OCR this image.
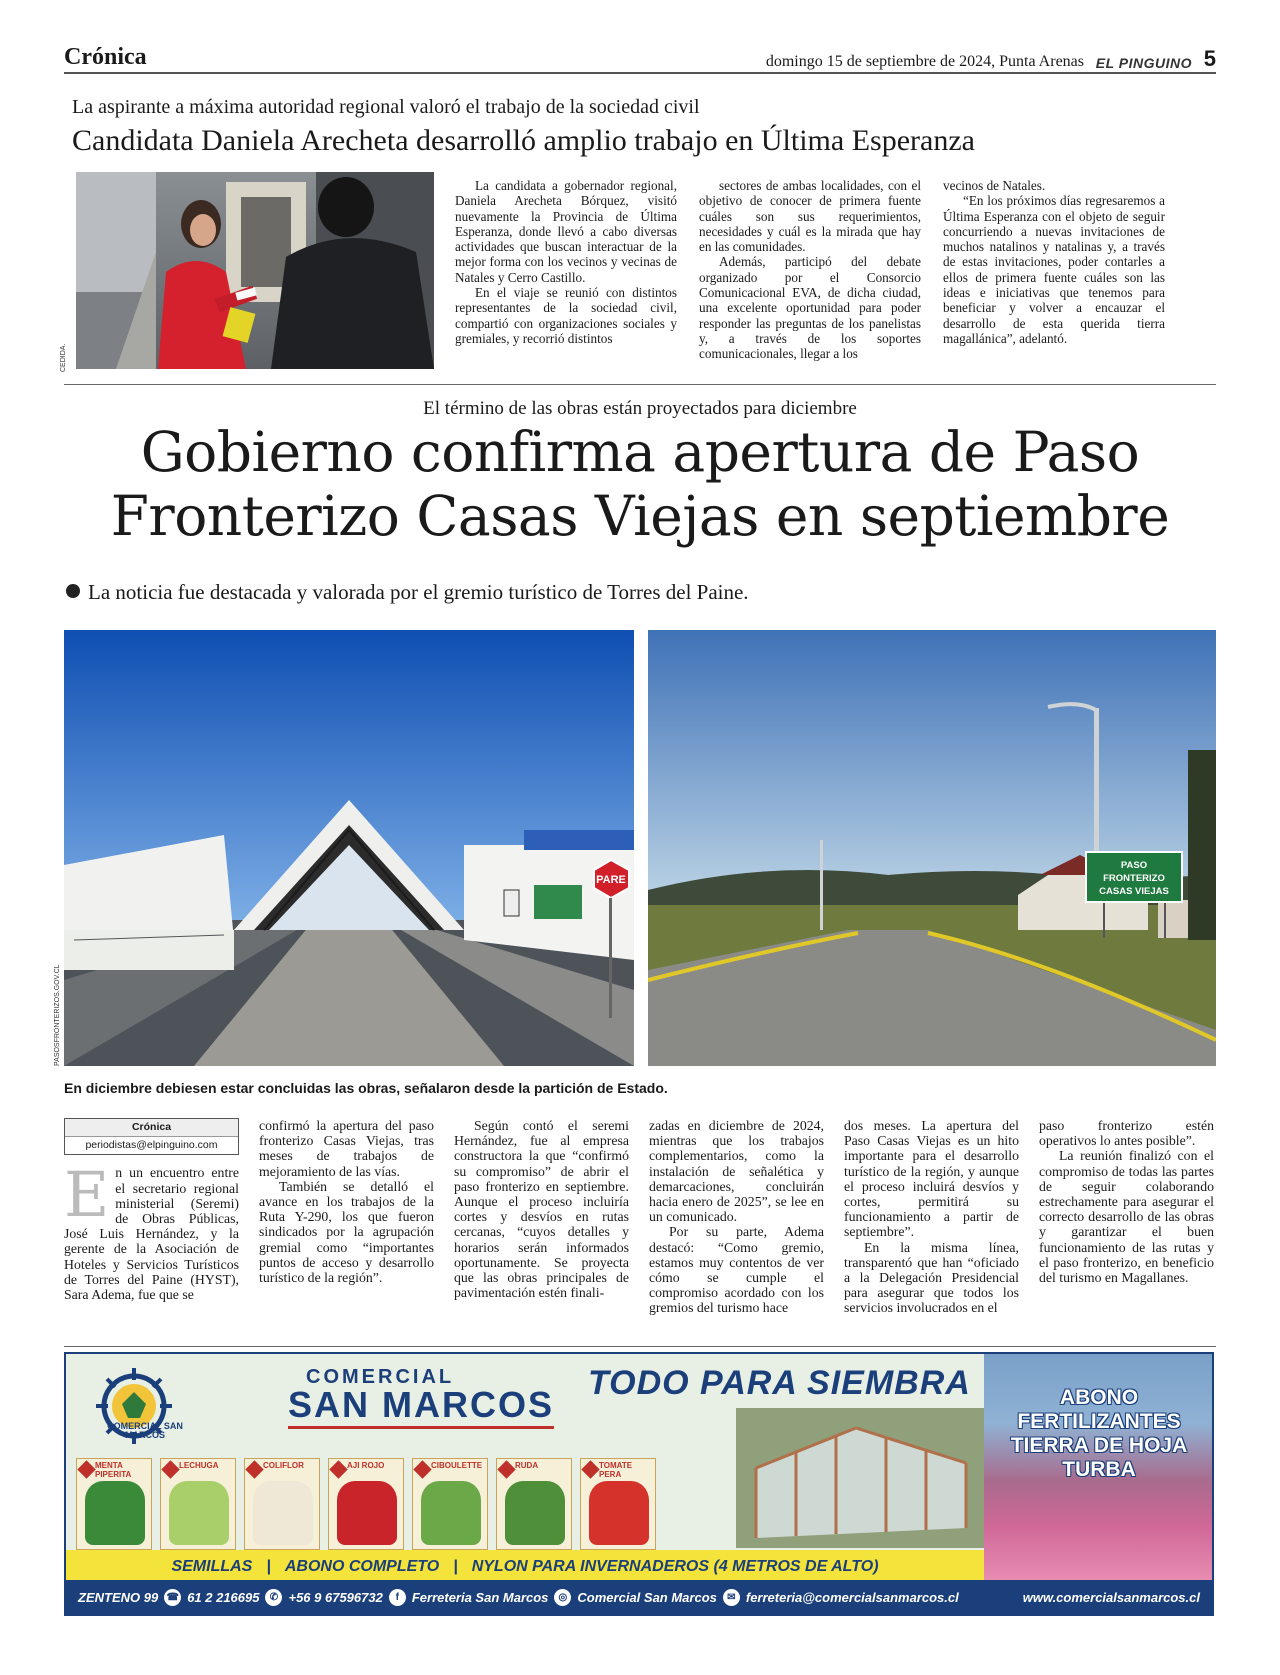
Crónica	domingo 15 de septiembre de 2024, Punta Arenas EL PINGUINO 5
La aspirante a máxima autoridad regional valoró el trabajo de la sociedad civil
Candidata Daniela Arecheta desarrolló amplio trabajo en Última Esperanza
CEDIDA.

La candidata a gobernador regional, Daniela Arecheta Bórquez, visitó nuevamente la Provincia de Última Esperanza, donde llevó a cabo diversas actividades que buscan interactuar de la mejor forma con los vecinos y vecinas de Natales y Cerro Castillo.

En el viaje se reunió con distintos representantes de la sociedad civil, compartió con organizaciones sociales y gremiales, y recorrió distintos

sectores de ambas localidades, con el objetivo de conocer de primera fuente cuáles son sus requerimientos, necesidades y cuál es la mirada que hay en las comunidades.

Además, participó del debate organizado por el Consorcio Comunicacional EVA, de dicha ciudad, una excelente oportunidad para poder responder las preguntas de los panelistas y, a través de los soportes comunicacionales, llegar a los

vecinos de Natales.

“En los próximos días regresaremos a Última Esperanza con el objeto de seguir concurriendo a nuevas invitaciones de muchos natalinos y natalinas y, a través de estas invitaciones, poder contarles a ellos de primera fuente cuáles son las ideas e iniciativas que tenemos para beneficiar y volver a encauzar el desarrollo de esta querida tierra magallánica”, adelantó.

El término de las obras están proyectados para diciembre
Gobierno confirma apertura de Paso
Fronterizo Casas Viejas en septiembre
La noticia fue destacada y valorada por el gremio turístico de Torres del Paine.
PARE
PASOSFRONTERIZOS.GOV.CL
PASO
FRONTERIZO
CASAS VIEJAS
En diciembre debiesen estar concluidas las obras, señalaron desde la partición de Estado.
Crónica
periodistas@elpinguino.com
E n un encuentro entre el secretario regional ministerial (Seremi) de Obras Públicas, José Luis Hernández, y la gerente de la Asociación de Hoteles y Servicios Turísticos de Torres del Paine (HYST), Sara Adema, fue que se

confirmó la apertura del paso fronterizo Casas Viejas, tras meses de trabajos de mejoramiento de las vías.

También se detalló el avance en los trabajos de la Ruta Y-290, los que fueron sindicados por la agrupación gremial como “importantes puntos de acceso y desarrollo turístico de la región”.

Según contó el seremi Hernández, fue al empresa constructora la que “confirmó su compromiso” de abrir el paso fronterizo en septiembre. Aunque el proceso incluiría cortes y desvíos en rutas cercanas, “cuyos detalles y horarios serán informados oportunamente. Se proyecta que las obras principales de pavimentación estén finali-

zadas en diciembre de 2024, mientras que los trabajos complementarios, como la instalación de señalética y demarcaciones, concluirán hacia enero de 2025”, se lee en un comunicado.

Por su parte, Adema destacó: “Como gremio, estamos muy contentos de ver cómo se cumple el compromiso acordado con los gremios del turismo hace

dos meses. La apertura del Paso Casas Viejas es un hito importante para el desarrollo turístico de la región, y aunque el proceso incluirá desvíos y cortes, permitirá su funcionamiento a partir de septiembre”.

En la misma línea, transparentó que han “oficiado a la Delegación Presidencial para asegurar que todos los servicios involucrados en el

paso fronterizo estén operativos lo antes posible”.

La reunión finalizó con el compromiso de todas las partes de seguir colaborando estrechamente para asegurar el correcto desarrollo de las obras y garantizar el buen funcionamiento de las rutas y el paso fronterizo, en beneficio del turismo en Magallanes.

COMERCIAL SAN MARCOS
COMERCIAL
SAN MARCOS
TODO PARA SIEMBRA
MENTA PIPERITA
LECHUGA	COLIFLOR	AJI ROJO	CIBOULETTE	RUDA	TOMATE PERA
ABONO
FERTILIZANTES
TIERRA DE HOJA
TURBA
SEMILLAS | ABONO COMPLETO | NYLON PARA INVERNADEROS (4 METROS DE ALTO)
ZENTENO 99 ☎ 61 2 216695	✆ +56 9 67596732	f Ferreteria San Marcos	◎ Comercial San Marcos	✉ ferreteria@comercialsanmarcos.cl	www.comercialsanmarcos.cl
